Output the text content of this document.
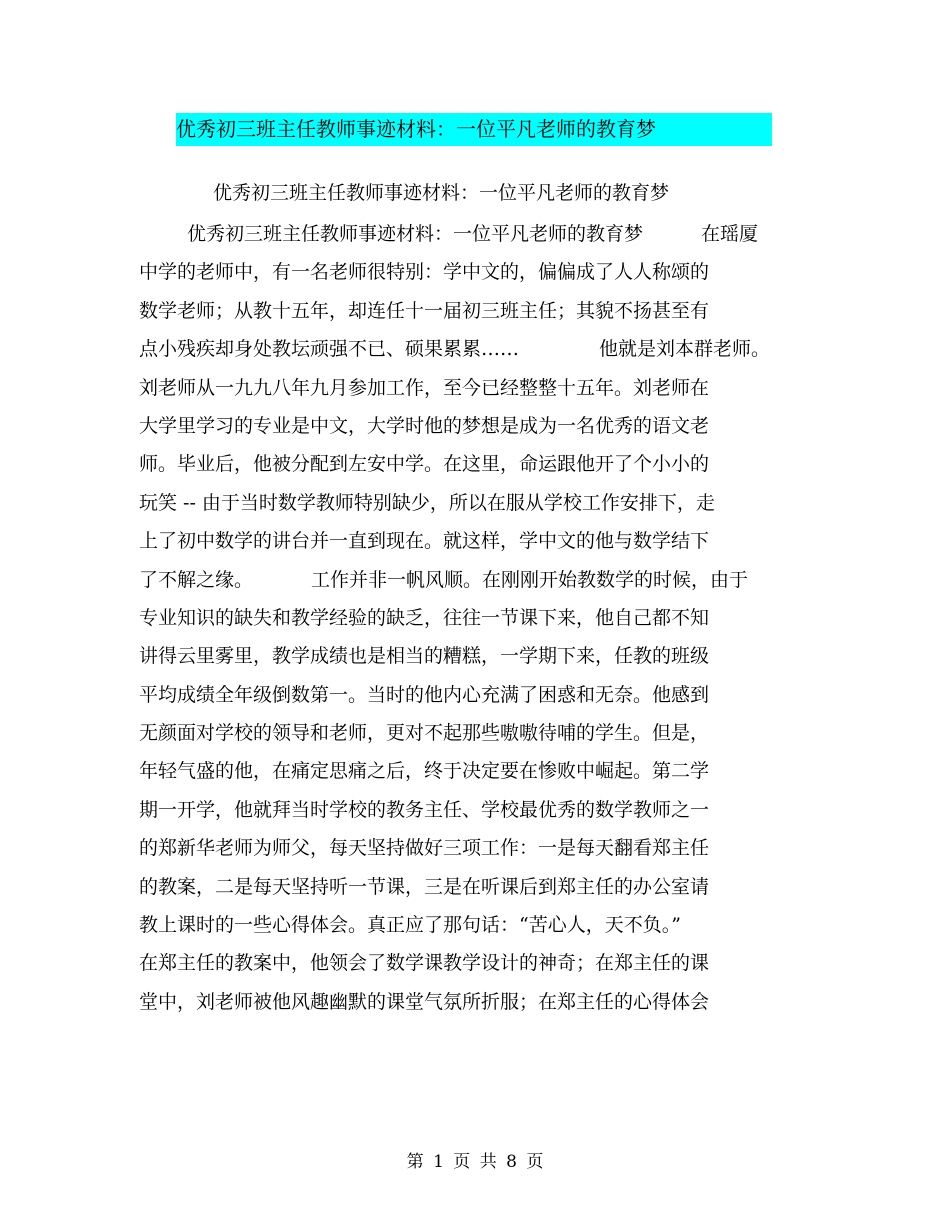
优秀初三班主任教师事迹材料：一位平凡老师的教育梦
优秀初三班主任教师事迹材料：一位平凡老师的教育梦
优秀初三班主任教师事迹材料：一位平凡老师的教育梦	在瑶厦
中学的老师中，有一名老师很特别：学中文的，偏偏成了人人称颂的
数学老师；从教十五年，却连任十一届初三班主任；其貌不扬甚至有
点小残疾却身处教坛顽强不已、硕果累累……	他就是刘本群老师。
刘老师从一九九八年九月参加工作，至今已经整整十五年。刘老师在
大学里学习的专业是中文，大学时他的梦想是成为一名优秀的语文老
师。毕业后，他被分配到左安中学。在这里，命运跟他开了个小小的
玩笑 -- 由于当时数学教师特别缺少，所以在服从学校工作安排下，走
上了初中数学的讲台并一直到现在。就这样，学中文的他与数学结下
了不解之缘。	工作并非一帆风顺。在刚刚开始教数学的时候，由于
专业知识的缺失和教学经验的缺乏，往往一节课下来，他自己都不知
讲得云里雾里，教学成绩也是相当的糟糕，一学期下来，任教的班级
平均成绩全年级倒数第一。当时的他内心充满了困惑和无奈。他感到
无颜面对学校的领导和老师，更对不起那些嗷嗷待哺的学生。但是，
年轻气盛的他，在痛定思痛之后，终于决定要在惨败中崛起。第二学
期一开学，他就拜当时学校的教务主任、学校最优秀的数学教师之一
的郑新华老师为师父，每天坚持做好三项工作：一是每天翻看郑主任
的教案，二是每天坚持听一节课，三是在听课后到郑主任的办公室请
教上课时的一些心得体会。真正应了那句话：“苦心人，天不负。”
在郑主任的教案中，他领会了数学课教学设计的神奇；在郑主任的课
堂中，刘老师被他风趣幽默的课堂气氛所折服；在郑主任的心得体会
第 1 页 共 8 页
